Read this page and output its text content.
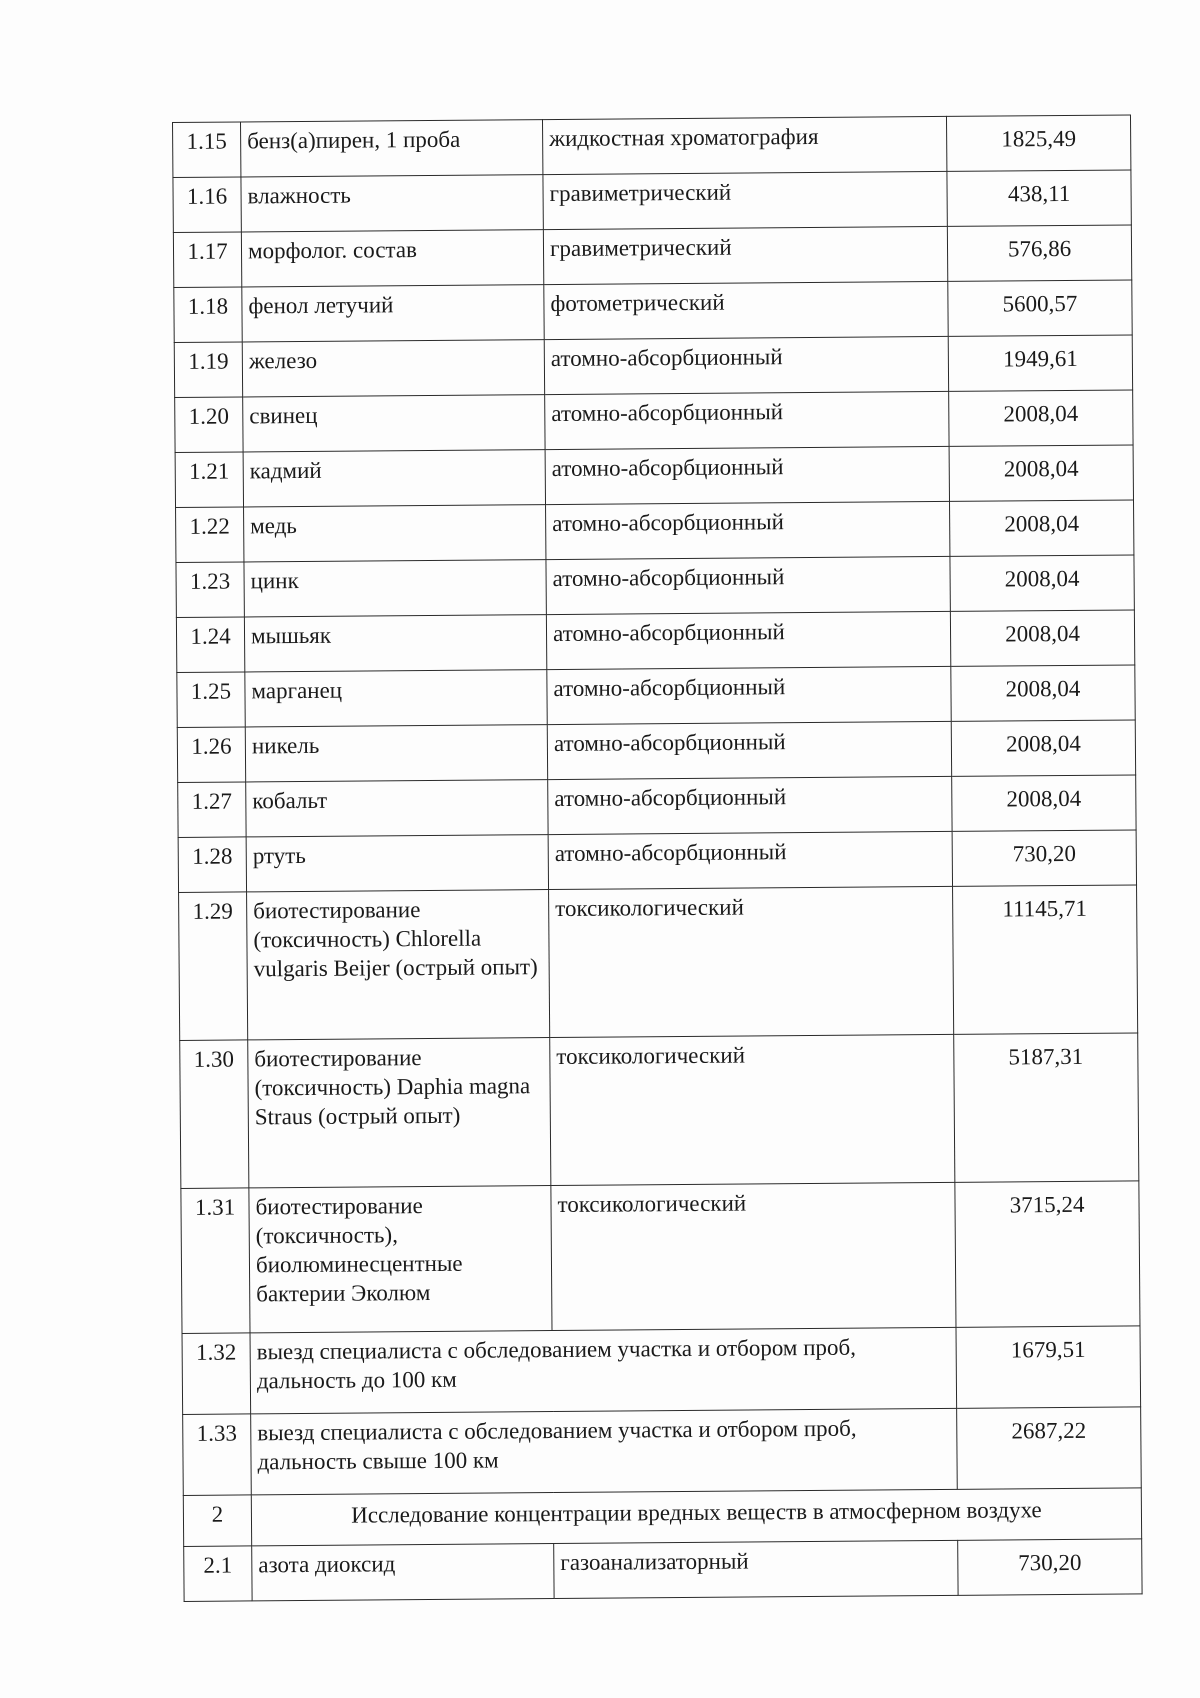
1.15	бенз(а)пирен, 1 проба	жидкостная хроматография	1825,49
1.16	влажность	гравиметрический	438,11
1.17	морфолог. состав	гравиметрический	576,86
1.18	фенол летучий	фотометрический	5600,57
1.19	железо	атомно-абсорбционный	1949,61
1.20	свинец	атомно-абсорбционный	2008,04
1.21	кадмий	атомно-абсорбционный	2008,04
1.22	медь	атомно-абсорбционный	2008,04
1.23	цинк	атомно-абсорбционный	2008,04
1.24	мышьяк	атомно-абсорбционный	2008,04
1.25	марганец	атомно-абсорбционный	2008,04
1.26	никель	атомно-абсорбционный	2008,04
1.27	кобальт	атомно-абсорбционный	2008,04
1.28	ртуть	атомно-абсорбционный	730,20
1.29	биотестирование (токсичность) Chlorella vulgaris Beijer (острый опыт)	токсикологический	11145,71
1.30	биотестирование (токсичность) Daphia magna Straus (острый опыт)	токсикологический	5187,31
1.31	биотестирование (токсичность), биолюминесцентные бактерии Эколюм	токсикологический	3715,24
1.32	выезд специалиста с обследованием участка и отбором проб, дальность до 100 км		1679,51
1.33	выезд специалиста с обследованием участка и отбором проб, дальность свыше 100 км		2687,22
2	Исследование концентрации вредных веществ в атмосферном воздухе		
2.1	азота диоксид	газоанализаторный	730,20
